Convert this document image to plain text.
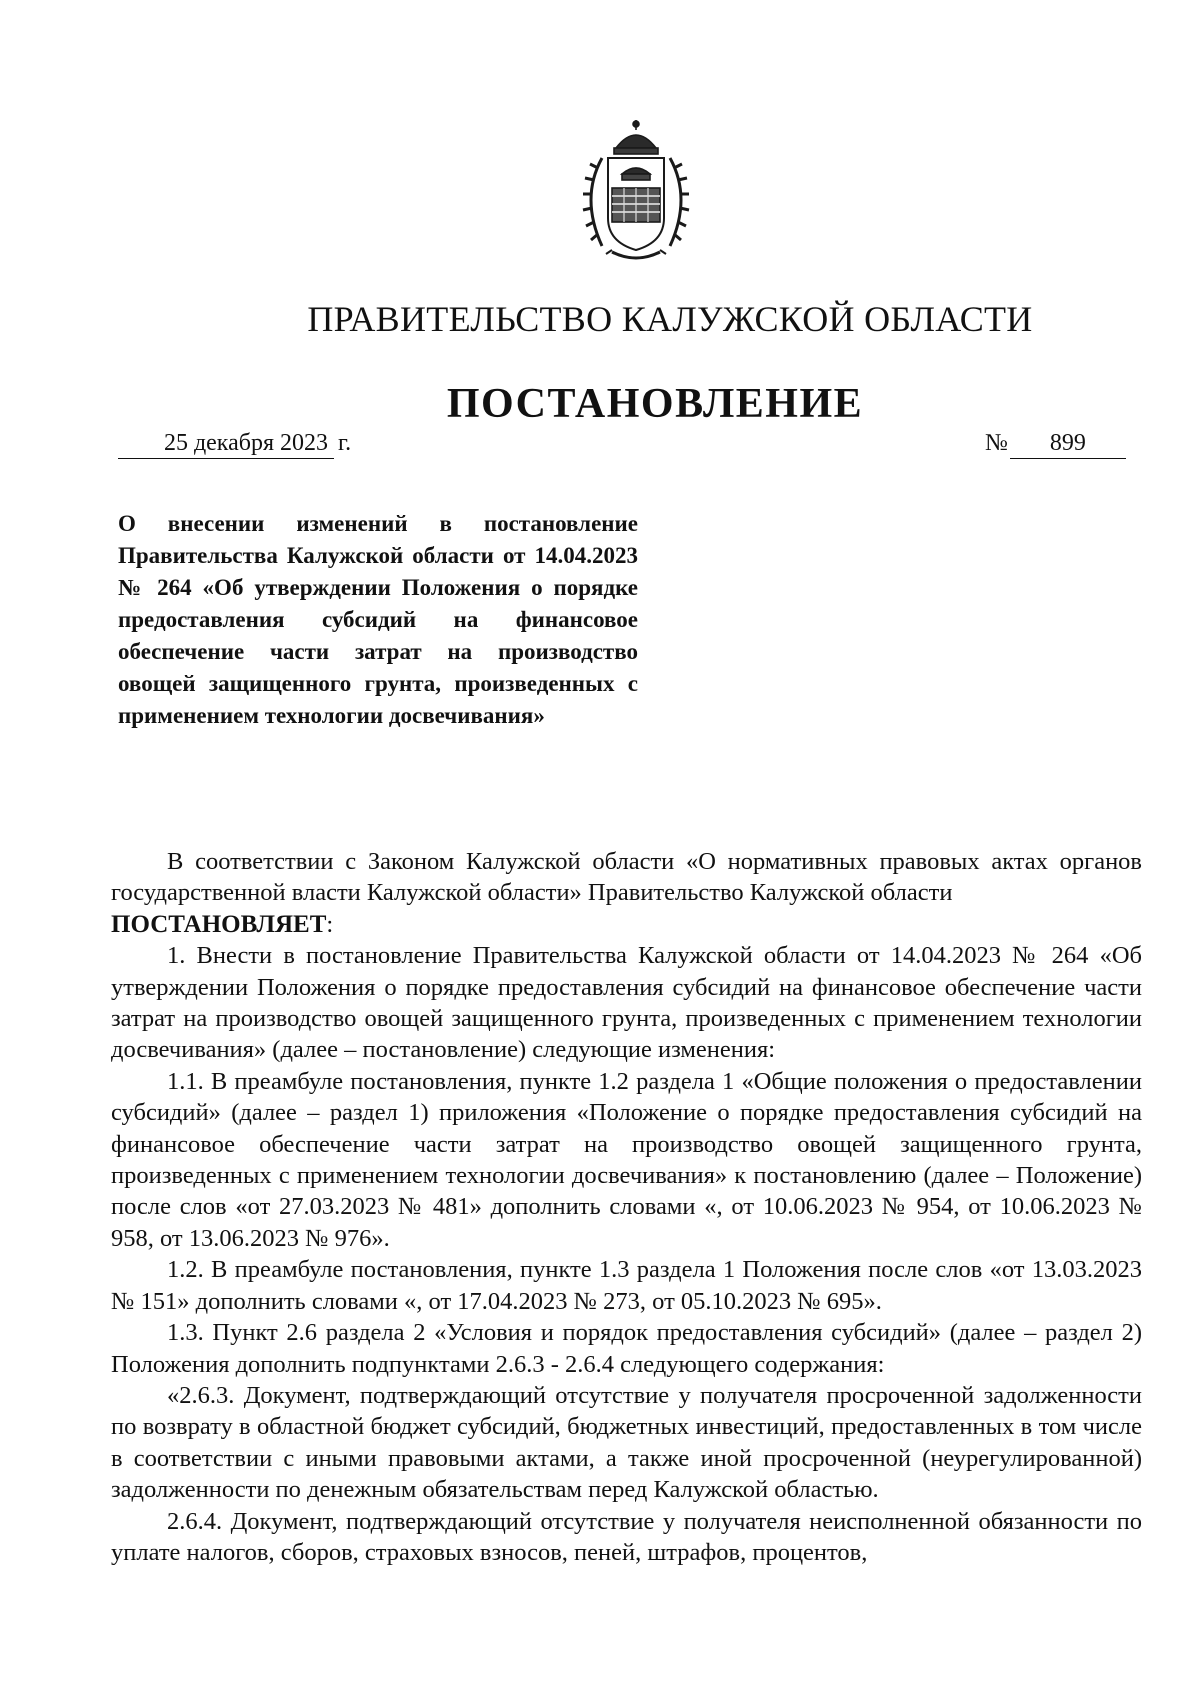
ПРАВИТЕЛЬСТВО КАЛУЖСКОЙ ОБЛАСТИ
ПОСТАНОВЛЕНИЕ
25 декабря 2023 г.	№ 899
О внесении изменений в постановление Правительства Калужской области от 14.04.2023 № 264 «Об утверждении Положения о порядке предоставления субсидий на финансовое обеспечение части затрат на производство овощей защищенного грунта, произведенных с применением технологии досвечивания»

В соответствии с Законом Калужской области «О нормативных правовых актах органов государственной власти Калужской области» Правительство Калужской области
ПОСТАНОВЛЯЕТ:

1. Внести в постановление Правительства Калужской области от 14.04.2023 № 264 «Об утверждении Положения о порядке предоставления субсидий на финансовое обеспечение части затрат на производство овощей защищенного грунта, произведенных с применением технологии досвечивания» (далее – постановление) следующие изменения:

1.1. В преамбуле постановления, пункте 1.2 раздела 1 «Общие положения о предоставлении субсидий» (далее – раздел 1) приложения «Положение о порядке предоставления субсидий на финансовое обеспечение части затрат на производство овощей защищенного грунта, произведенных с применением технологии досвечивания» к постановлению (далее – Положение) после слов «от 27.03.2023 № 481» дополнить словами «, от 10.06.2023 № 954, от 10.06.2023 № 958, от 13.06.2023 № 976».

1.2. В преамбуле постановления, пункте 1.3 раздела 1 Положения после слов «от 13.03.2023 № 151» дополнить словами «, от 17.04.2023 № 273, от 05.10.2023 № 695».

1.3. Пункт 2.6 раздела 2 «Условия и порядок предоставления субсидий» (далее – раздел 2) Положения дополнить подпунктами 2.6.3 - 2.6.4 следующего содержания:

«2.6.3. Документ, подтверждающий отсутствие у получателя просроченной задолженности по возврату в областной бюджет субсидий, бюджетных инвестиций, предоставленных в том числе в соответствии с иными правовыми актами, а также иной просроченной (неурегулированной) задолженности по денежным обязательствам перед Калужской областью.

2.6.4. Документ, подтверждающий отсутствие у получателя неисполненной обязанности по уплате налогов, сборов, страховых взносов, пеней, штрафов, процентов,
